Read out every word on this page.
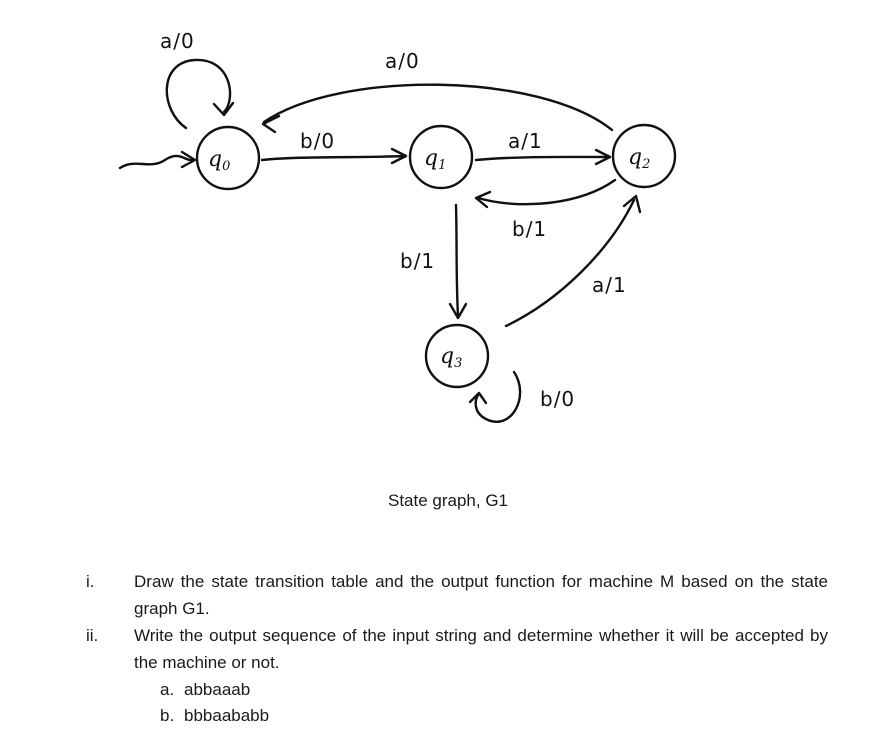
q0	q1	q2
q3
a/0
a/0
b/0	a/1
b/1
b/1
a/1
b/0
State graph, G1
i. Draw the state transition table and the output function for machine M based on the state graph G1.
ii. Write the output sequence of the input string and determine whether it will be accepted by the machine or not.
a. abbaaab
b. bbbaababb
